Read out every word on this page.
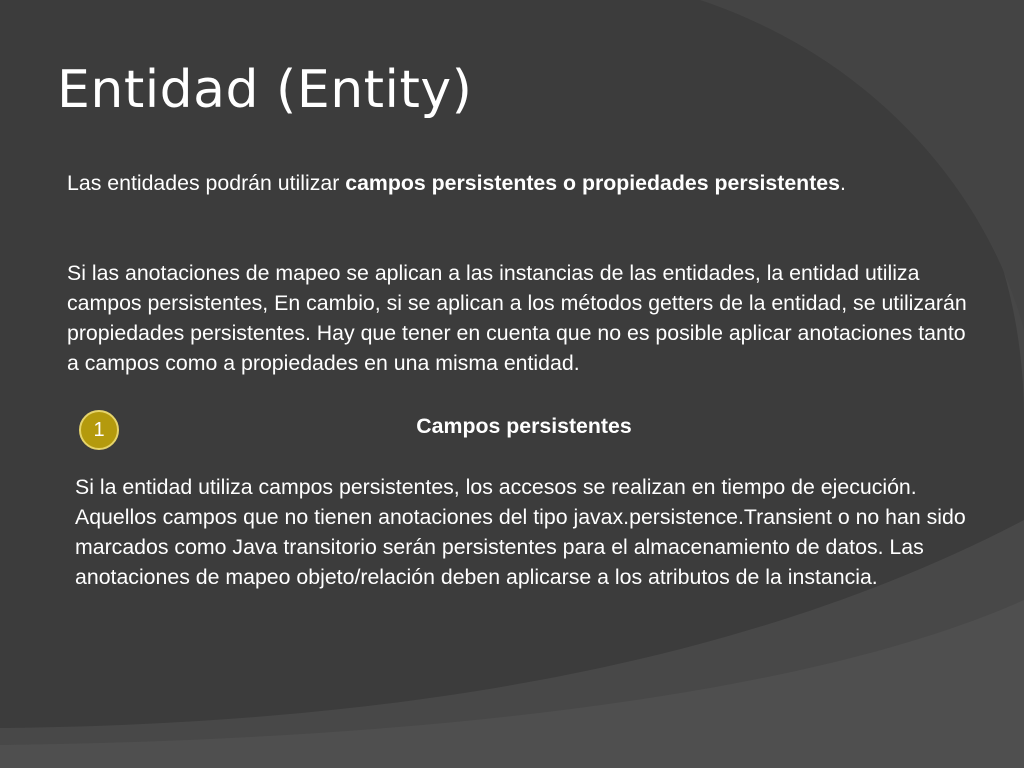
Entidad (Entity)

Las entidades podrán utilizar campos persistentes o propiedades persistentes.

Si las anotaciones de mapeo se aplican a las instancias de las entidades, la entidad utiliza campos persistentes, En cambio, si se aplican a los métodos getters de la entidad, se utilizarán propiedades persistentes. Hay que tener en cuenta que no es posible aplicar anotaciones tanto a campos como a propiedades en una misma entidad.

1	Campos persistentes

Si la entidad utiliza campos persistentes, los accesos se realizan en tiempo de ejecución. Aquellos campos que no tienen anotaciones del tipo javax.persistence.Transient o no han sido marcados como Java transitorio serán persistentes para el almacenamiento de datos. Las anotaciones de mapeo objeto/relación deben aplicarse a los atributos de la instancia.
